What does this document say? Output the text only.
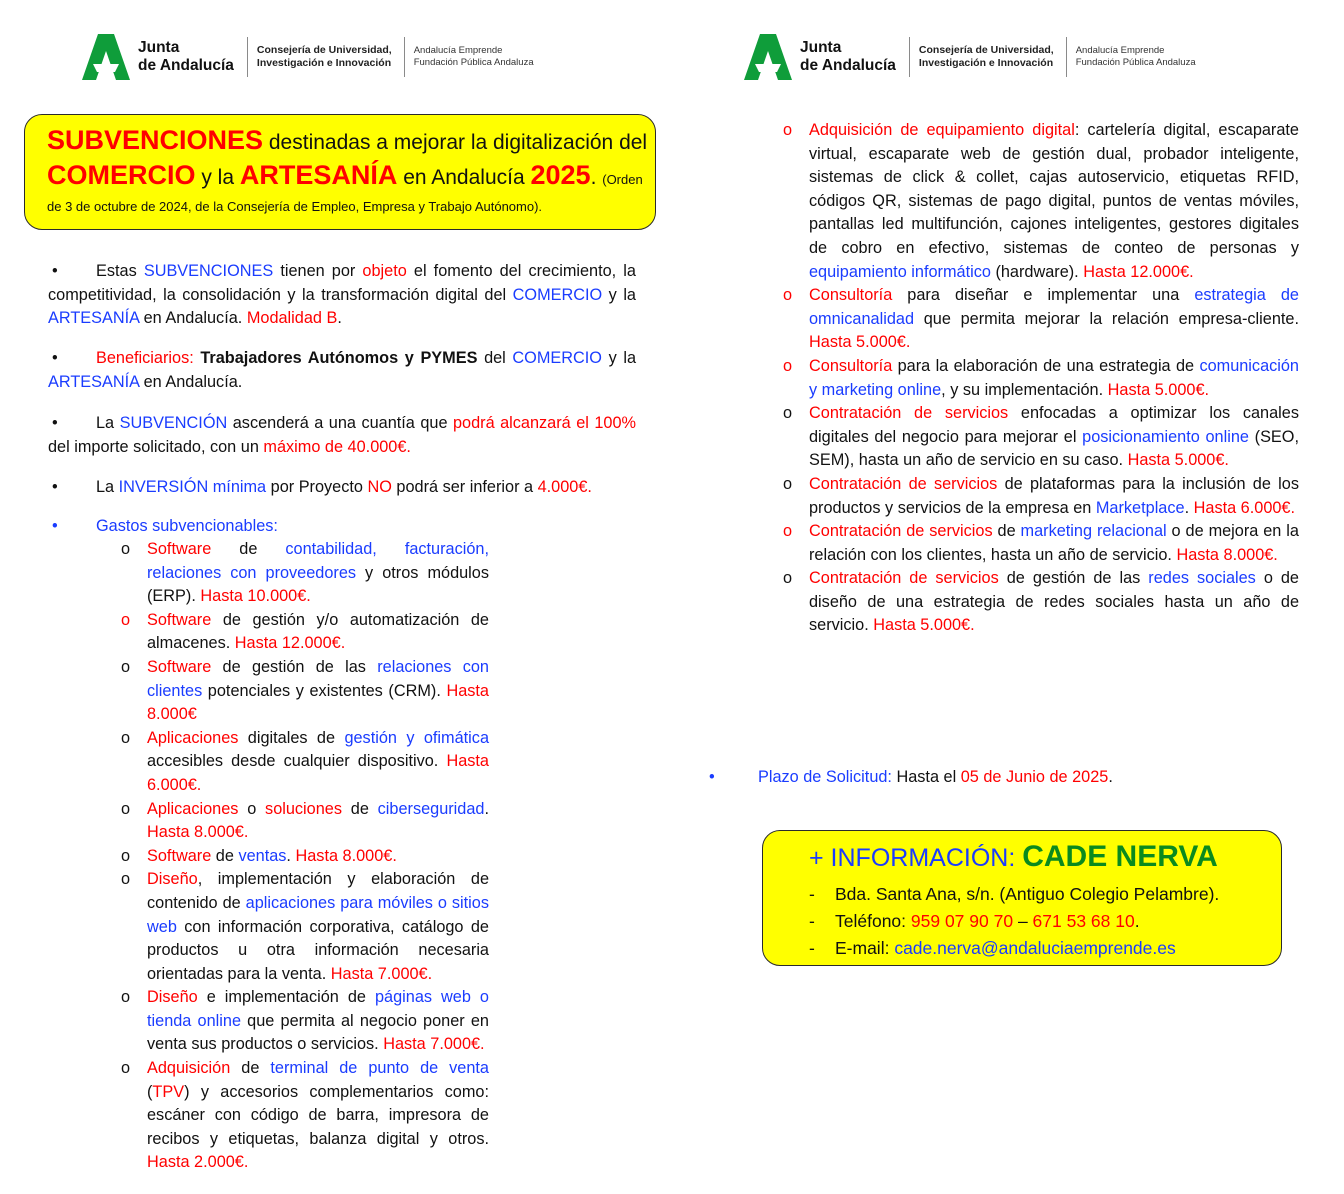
Junta
de Andalucía
Consejería de Universidad,
Investigación e Innovación
Andalucía Emprende
Fundación Pública Andaluza
SUBVENCIONES destinadas a mejorar la digitalización del
COMERCIO y la ARTESANÍA en Andalucía 2025. (Orden
de 3 de octubre de 2024, de la Consejería de Empleo, Empresa y Trabajo Autónomo).
•	Estas SUBVENCIONES tienen por objeto el fomento del crecimiento, la competitividad, la consolidación y la transformación digital del COMERCIO y la ARTESANÍA en Andalucía. Modalidad B.

•	Beneficiarios: Trabajadores Autónomos y PYMES del COMERCIO y la ARTESANÍA en Andalucía.

•	La SUBVENCIÓN ascenderá a una cuantía que podrá alcanzará el 100% del importe solicitado, con un máximo de 40.000€.

•	La INVERSIÓN mínima por Proyecto NO podrá ser inferior a 4.000€.

•	Gastos subvencionables:

o Software de contabilidad, facturación, relaciones con proveedores y otros módulos (ERP). Hasta 10.000€.
o Software de gestión y/o automatización de almacenes. Hasta 12.000€.
o Software de gestión de las relaciones con clientes potenciales y existentes (CRM). Hasta 8.000€
o Aplicaciones digitales de gestión y ofimática accesibles desde cualquier dispositivo. Hasta 6.000€.
o Aplicaciones o soluciones de ciberseguridad. Hasta 8.000€.
o Software de ventas. Hasta 8.000€.
o Diseño, implementación y elaboración de contenido de aplicaciones para móviles o sitios web con información corporativa, catálogo de productos u otra información necesaria orientadas para la venta. Hasta 7.000€.
o Diseño e implementación de páginas web o tienda online que permita al negocio poner en venta sus productos o servicios. Hasta 7.000€.
o Adquisición de terminal de punto de venta (TPV) y accesorios complementarios como: escáner con código de barra, impresora de recibos y etiquetas, balanza digital y otros. Hasta 2.000€.
Junta
de Andalucía
Consejería de Universidad,
Investigación e Innovación
Andalucía Emprende
Fundación Pública Andaluza
o Adquisición de equipamiento digital: cartelería digital, escaparate virtual, escaparate web de gestión dual, probador inteligente, sistemas de click & collet, cajas autoservicio, etiquetas RFID, códigos QR, sistemas de pago digital, puntos de ventas móviles, pantallas led multifunción, cajones inteligentes, gestores digitales de cobro en efectivo, sistemas de conteo de personas y equipamiento informático (hardware). Hasta 12.000€.
o Consultoría para diseñar e implementar una estrategia de omnicanalidad que permita mejorar la relación empresa-cliente. Hasta 5.000€.
o Consultoría para la elaboración de una estrategia de comunicación y marketing online, y su implementación. Hasta 5.000€.
o Contratación de servicios enfocadas a optimizar los canales digitales del negocio para mejorar el posicionamiento online (SEO, SEM), hasta un año de servicio en su caso. Hasta 5.000€.
o Contratación de servicios de plataformas para la inclusión de los productos y servicios de la empresa en Marketplace. Hasta 6.000€.
o Contratación de servicios de marketing relacional o de mejora en la relación con los clientes, hasta un año de servicio. Hasta 8.000€.
o Contratación de servicios de gestión de las redes sociales o de diseño de una estrategia de redes sociales hasta un año de servicio. Hasta 5.000€.
•	Plazo de Solicitud: Hasta el 05 de Junio de 2025.
+ INFORMACIÓN: CADE NERVA
- Bda. Santa Ana, s/n. (Antiguo Colegio Pelambre).
- Teléfono: 959 07 90 70 – 671 53 68 10.
- E-mail: cade.nerva@andaluciaemprende.es
